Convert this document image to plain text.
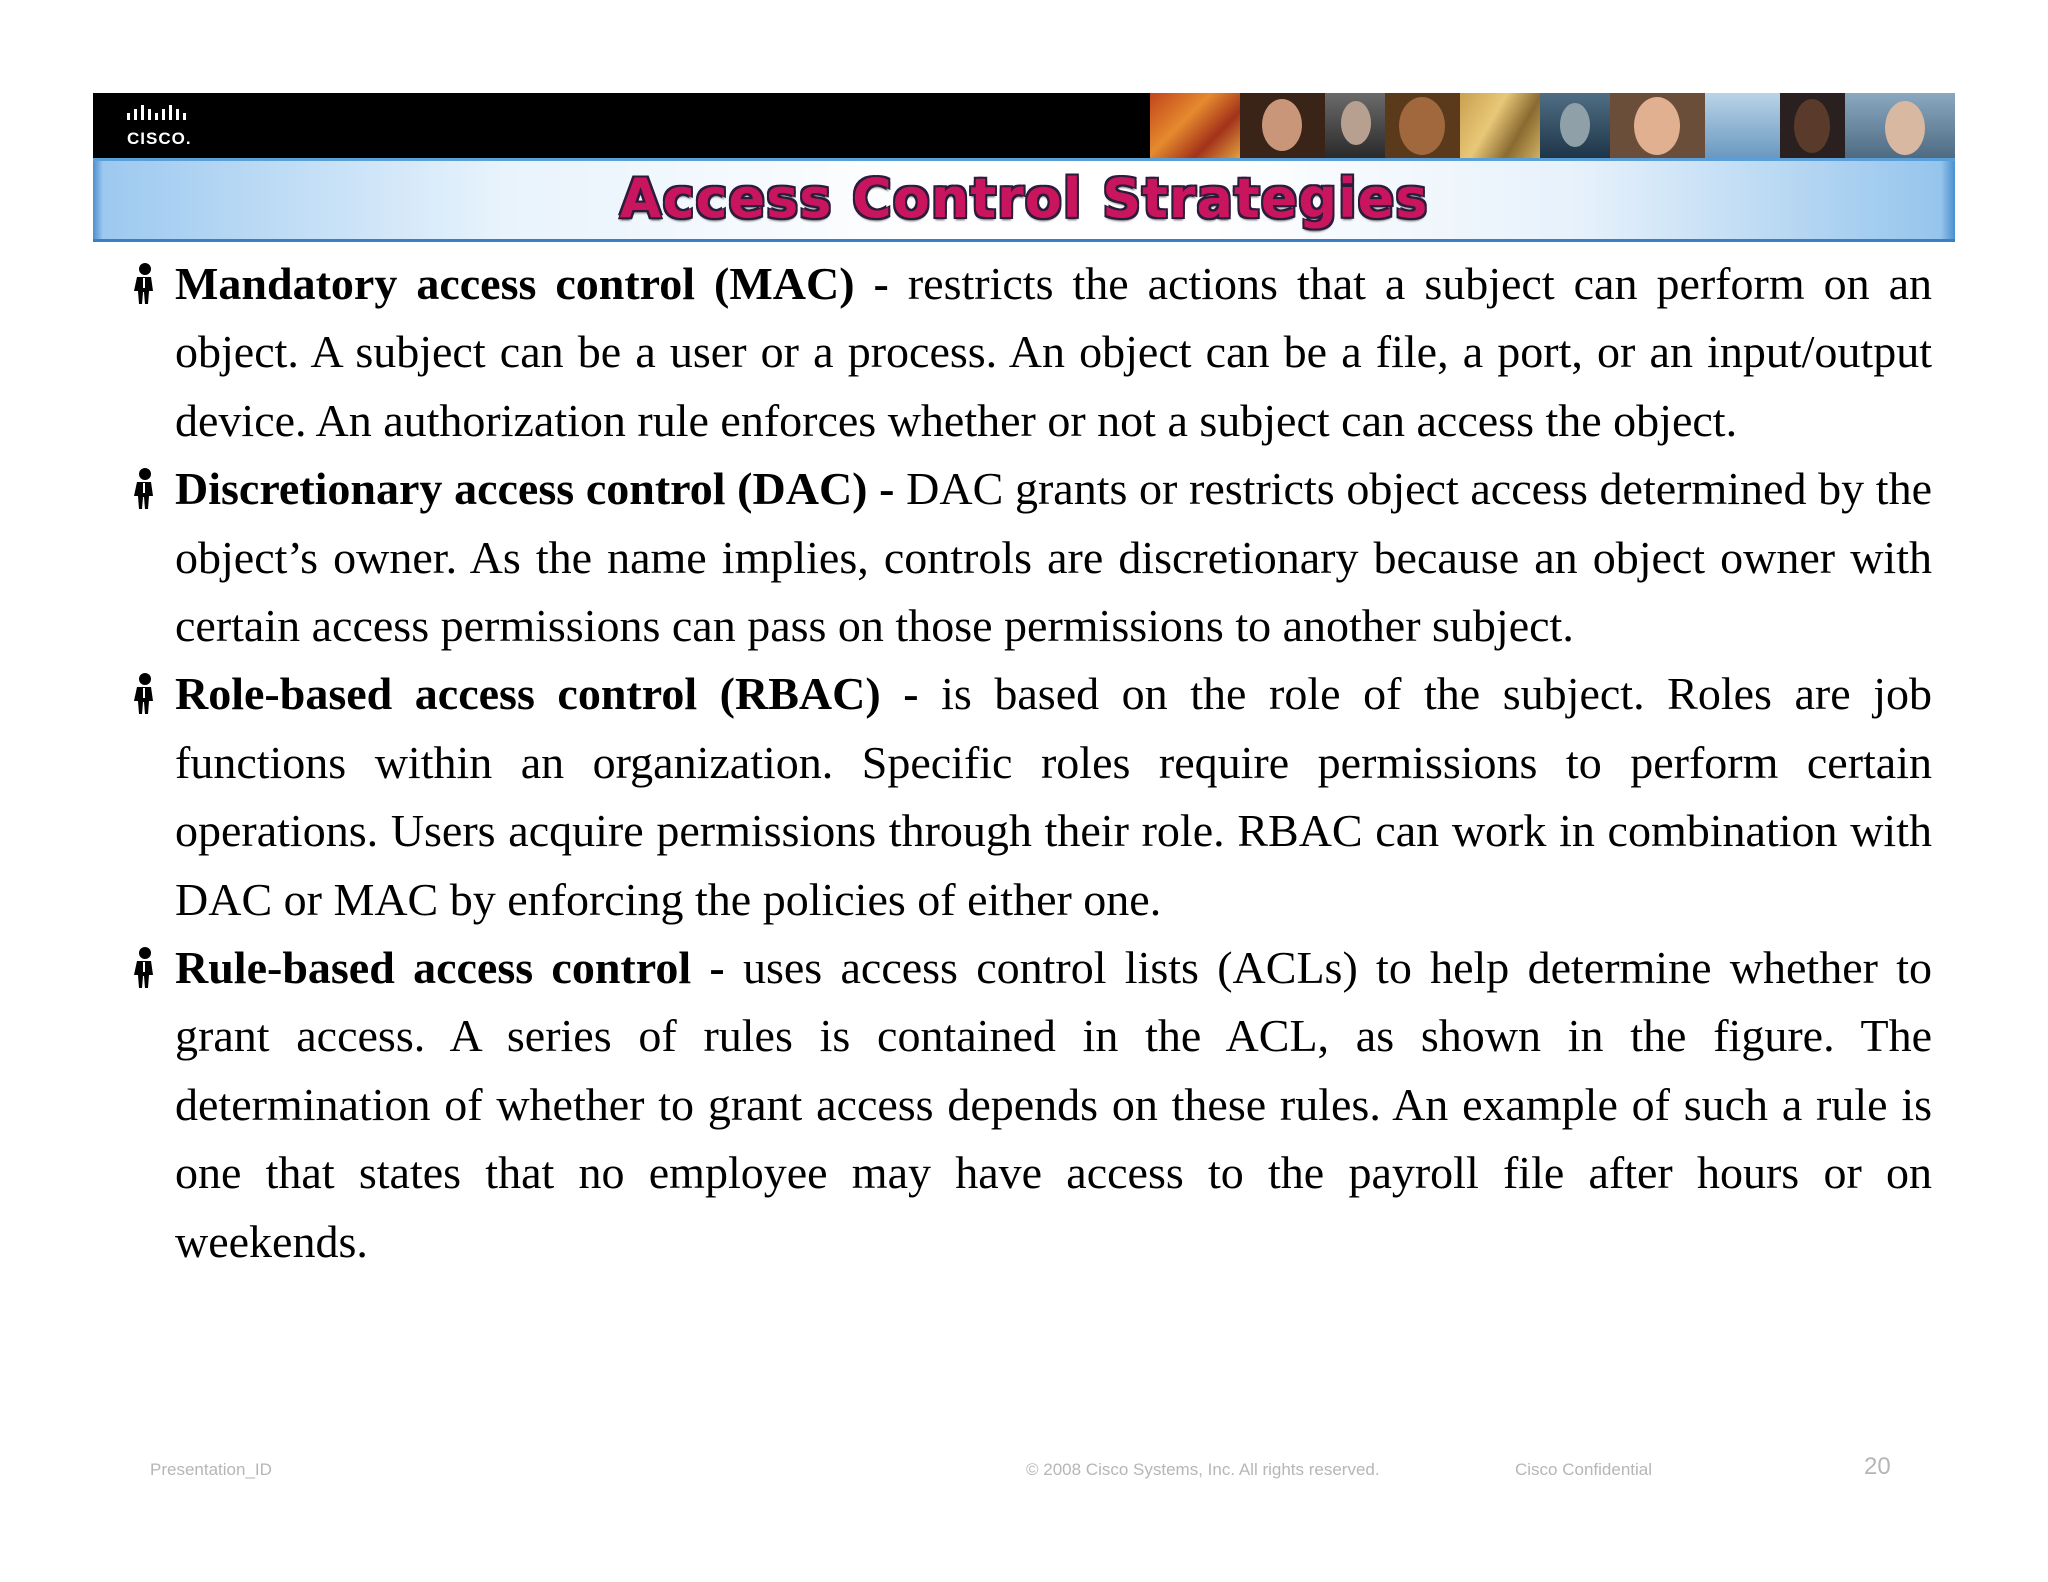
CISCO.
Access Control Strategies

Mandatory access control (MAC) - restricts the actions that a subject can perform on an object. A subject can be a user or a process. An object can be a file, a port, or an input/output device. An authorization rule enforces whether or not a subject can access the object.

Discretionary access control (DAC) - DAC grants or restricts object access determined by the object’s owner. As the name implies, controls are discretionary because an object owner with certain access permissions can pass on those permissions to another subject.

Role-based access control (RBAC) - is based on the role of the subject. Roles are job functions within an organization. Specific roles require permissions to perform certain operations. Users acquire permissions through their role. RBAC can work in combination with DAC or MAC by enforcing the policies of either one.

Rule-based access control - uses access control lists (ACLs) to help determine whether to grant access. A series of rules is contained in the ACL, as shown in the figure. The determination of whether to grant access depends on these rules. An example of such a rule is one that states that no employee may have access to the payroll file after hours or on weekends.

Presentation_ID	© 2008 Cisco Systems, Inc. All rights reserved.	Cisco Confidential	20
